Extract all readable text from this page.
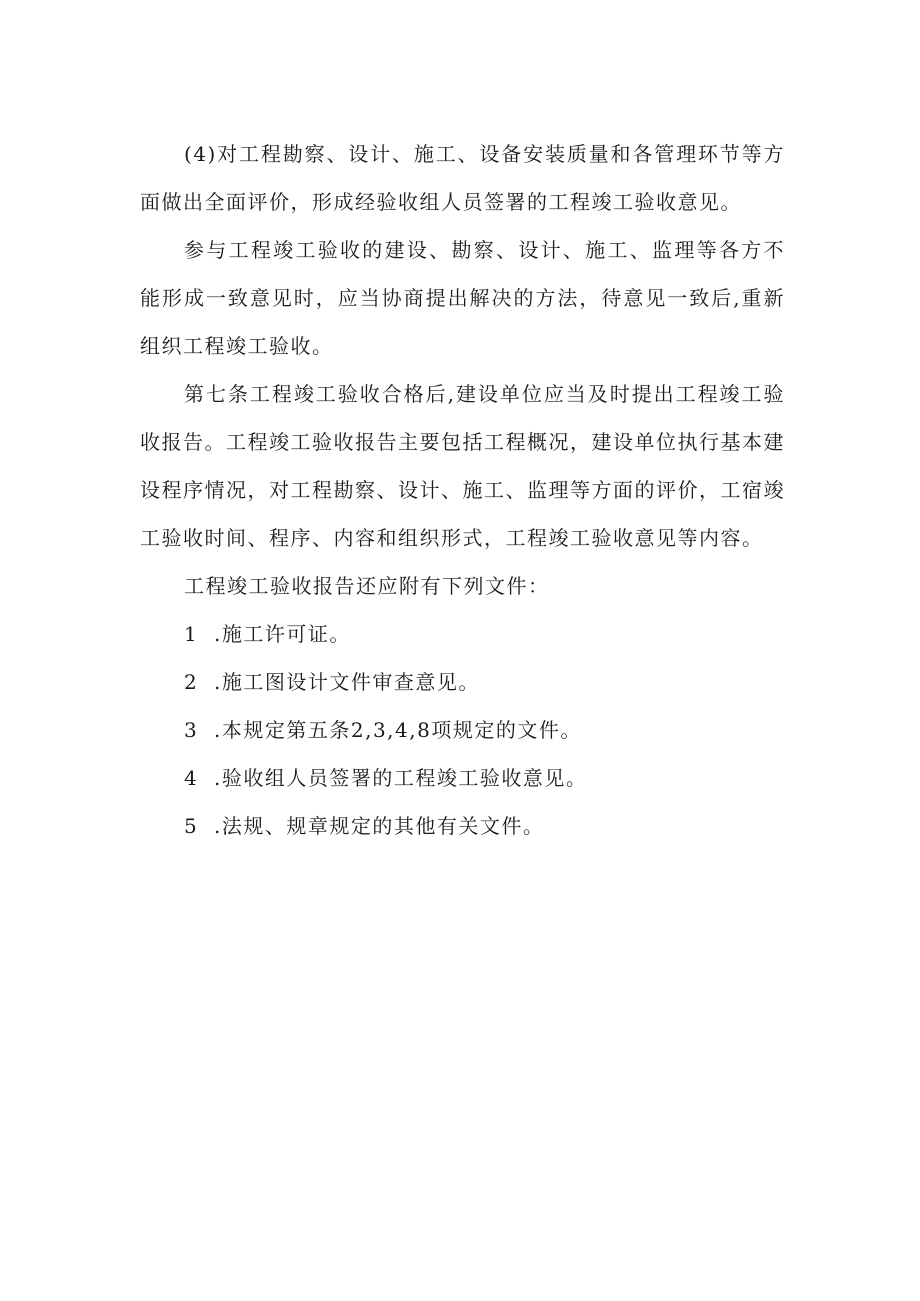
(4)对工程勘察、设计、施工、设备安装质量和各管理环节等方面做出全面评价，形成经验收组人员签署的工程竣工验收意见。

参与工程竣工验收的建设、勘察、设计、施工、监理等各方不能形成一致意见时，应当协商提出解决的方法，待意见一致后,重新组织工程竣工验收。

第七条工程竣工验收合格后,建设单位应当及时提出工程竣工验收报告。工程竣工验收报告主要包括工程概况，建设单位执行基本建设程序情况，对工程勘察、设计、施工、监理等方面的评价，工宿竣工验收时间、程序、内容和组织形式，工程竣工验收意见等内容。

工程竣工验收报告还应附有下列文件：

1 .施工许可证。
2 .施工图设计文件审查意见。
3 .本规定第五条2,3,4,8项规定的文件。
4 .验收组人员签署的工程竣工验收意见。
5 .法规、规章规定的其他有关文件。
